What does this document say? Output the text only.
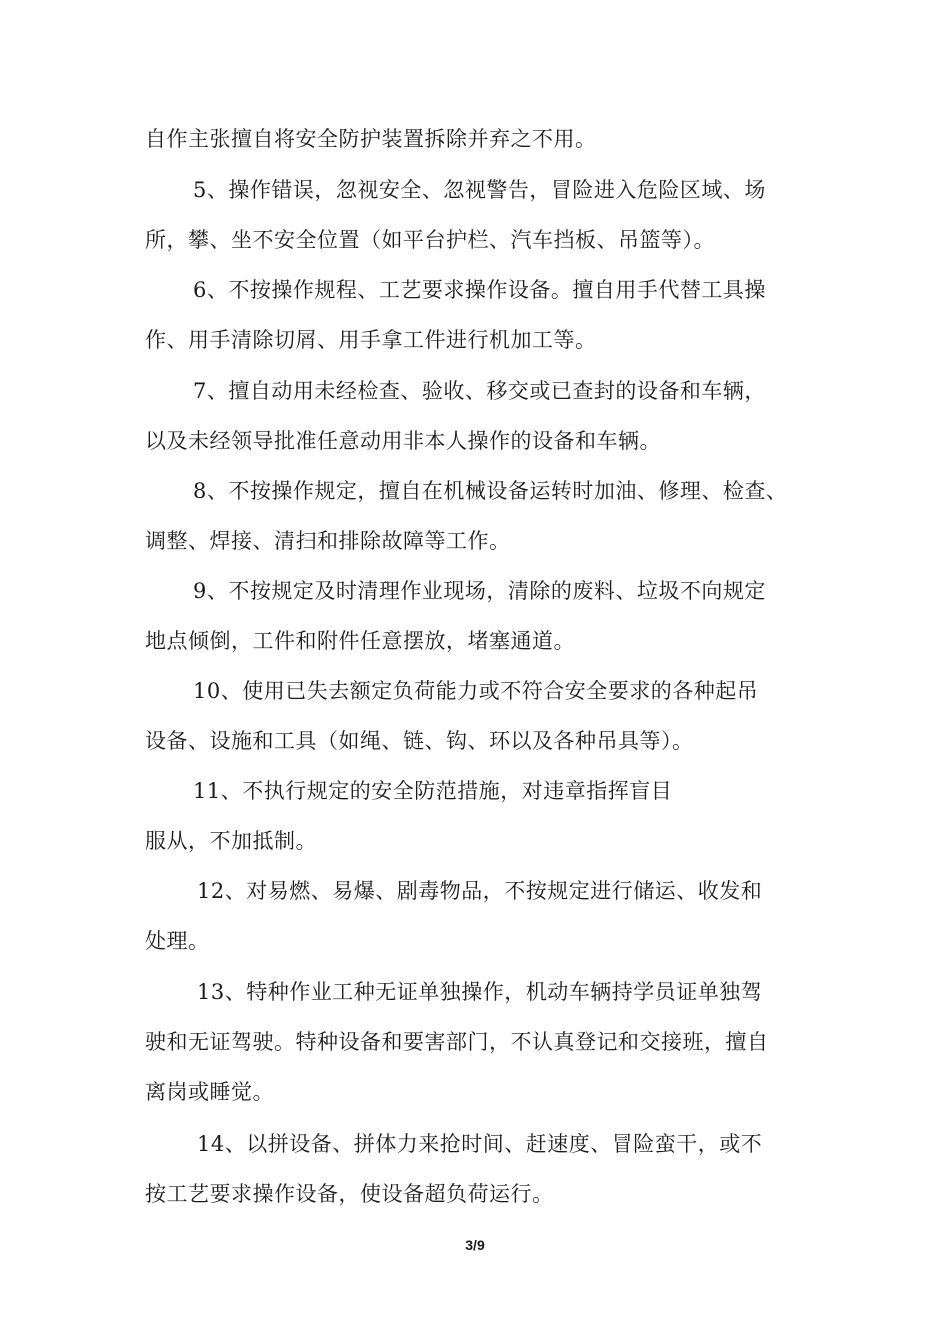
自作主张擅自将安全防护装置拆除并弃之不用。
5、操作错误，忽视安全、忽视警告，冒险进入危险区域、场
所，攀、坐不安全位置（如平台护栏、汽车挡板、吊篮等）。
6、不按操作规程、工艺要求操作设备。擅自用手代替工具操
作、用手清除切屑、用手拿工件进行机加工等。
7、擅自动用未经检查、验收、移交或已查封的设备和车辆，
以及未经领导批准任意动用非本人操作的设备和车辆。
8、不按操作规定，擅自在机械设备运转时加油、修理、检查、
调整、焊接、清扫和排除故障等工作。
9、不按规定及时清理作业现场，清除的废料、垃圾不向规定
地点倾倒，工件和附件任意摆放，堵塞通道。
10、使用已失去额定负荷能力或不符合安全要求的各种起吊
设备、设施和工具（如绳、链、钩、环以及各种吊具等）。
11、不执行规定的安全防范措施，对违章指挥盲目
服从，不加抵制。
12、对易燃、易爆、剧毒物品，不按规定进行储运、收发和
处理。
13、特种作业工种无证单独操作，机动车辆持学员证单独驾
驶和无证驾驶。特种设备和要害部门，不认真登记和交接班，擅自
离岗或睡觉。
14、以拼设备、拼体力来抢时间、赶速度、冒险蛮干，或不
按工艺要求操作设备，使设备超负荷运行。
3/9
